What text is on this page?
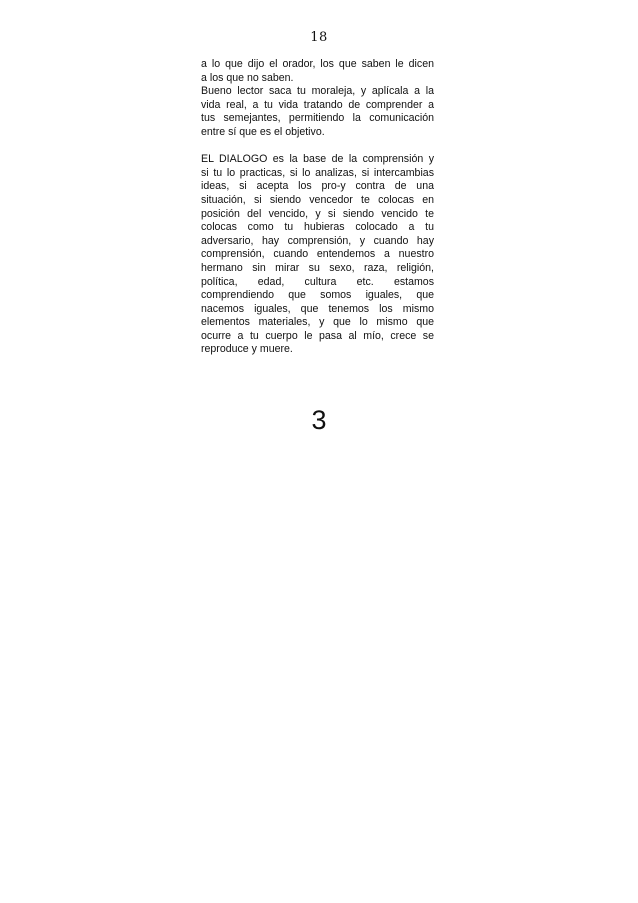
18
a lo que dijo el orador, los que saben le dicen
a los que no saben.
Bueno lector saca tu moraleja, y aplícala a la
vida real, a tu vida tratando de comprender a
tus semejantes, permitiendo la comunicación
entre sí que es el objetivo.
EL DIALOGO es la base de la comprensión y
si tu lo practicas, si lo analizas, si intercambias
ideas, si acepta los pro-y contra de una
situación, si siendo vencedor te colocas en
posición del vencido, y si siendo vencido te
colocas como tu hubieras colocado a tu
adversario, hay comprensión, y cuando hay
comprensión, cuando entendemos a nuestro
hermano sin mirar su sexo, raza, religión,
política, edad, cultura etc. estamos
comprendiendo que somos iguales, que
nacemos iguales, que tenemos los mismo
elementos materiales, y que lo mismo que
ocurre a tu cuerpo le pasa al mío, crece se
reproduce y muere.
3
